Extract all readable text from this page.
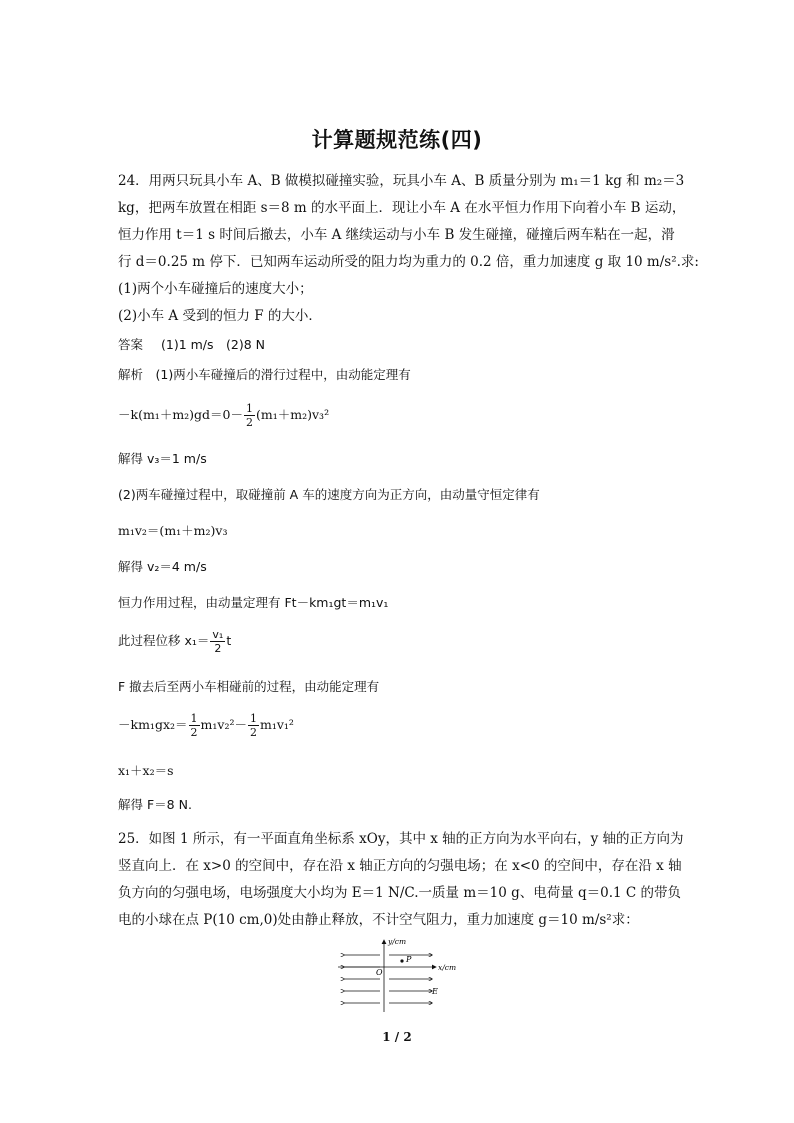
计算题规范练(四)
24．用两只玩具小车 A、B 做模拟碰撞实验，玩具小车 A、B 质量分别为 m₁＝1 kg 和 m₂＝3
kg，把两车放置在相距 s＝8 m 的水平面上．现让小车 A 在水平恒力作用下向着小车 B 运动，
恒力作用 t＝1 s 时间后撤去，小车 A 继续运动与小车 B 发生碰撞，碰撞后两车粘在一起，滑
行 d＝0.25 m 停下．已知两车运动所受的阻力均为重力的 0.2 倍，重力加速度 g 取 10 m/s².求:
(1)两个小车碰撞后的速度大小；
(2)小车 A 受到的恒力 F 的大小．
答案 (1)1 m/s　(2)8 N
解析　(1)两小车碰撞后的滑行过程中，由动能定理有
$-k(m_1+m_2)gd=0- \frac{1}{2} (m_1+m_2)v_3^2$
解得 v₃＝1 m/s
(2)两车碰撞过程中，取碰撞前 A 车的速度方向为正方向，由动量守恒定律有
m₁v₂＝(m₁＋m₂)v₃
解得 v₂＝4 m/s
恒力作用过程，由动量定理有 Ft－km₁gt＝m₁v₁
此过程位移 $x_1= \frac{\text{v₁}}{2}$ t
F 撤去后至两小车相碰前的过程，由动能定理有
$-km_1gx_2= \frac{1}{2} m_1v_2^2- \frac{1}{2} m_1v_1^2$
x₁＋x₂＝s
解得 F＝8 N.
25．如图 1 所示，有一平面直角坐标系 xOy，其中 x 轴的正方向为水平向右，y 轴的正方向为
竖直向上．在 x>0 的空间中，存在沿 x 轴正方向的匀强电场；在 x<0 的空间中，存在沿 x 轴
负方向的匀强电场，电场强度大小均为 E＝1 N/C.一质量 m＝10 g、电荷量 q＝0.1 C 的带负
电的小球在点 P(10 cm,0)处由静止释放，不计空气阻力，重力加速度 g＝10 m/s²求：
P
O
y/cm
x/cm
E
1 / 2
